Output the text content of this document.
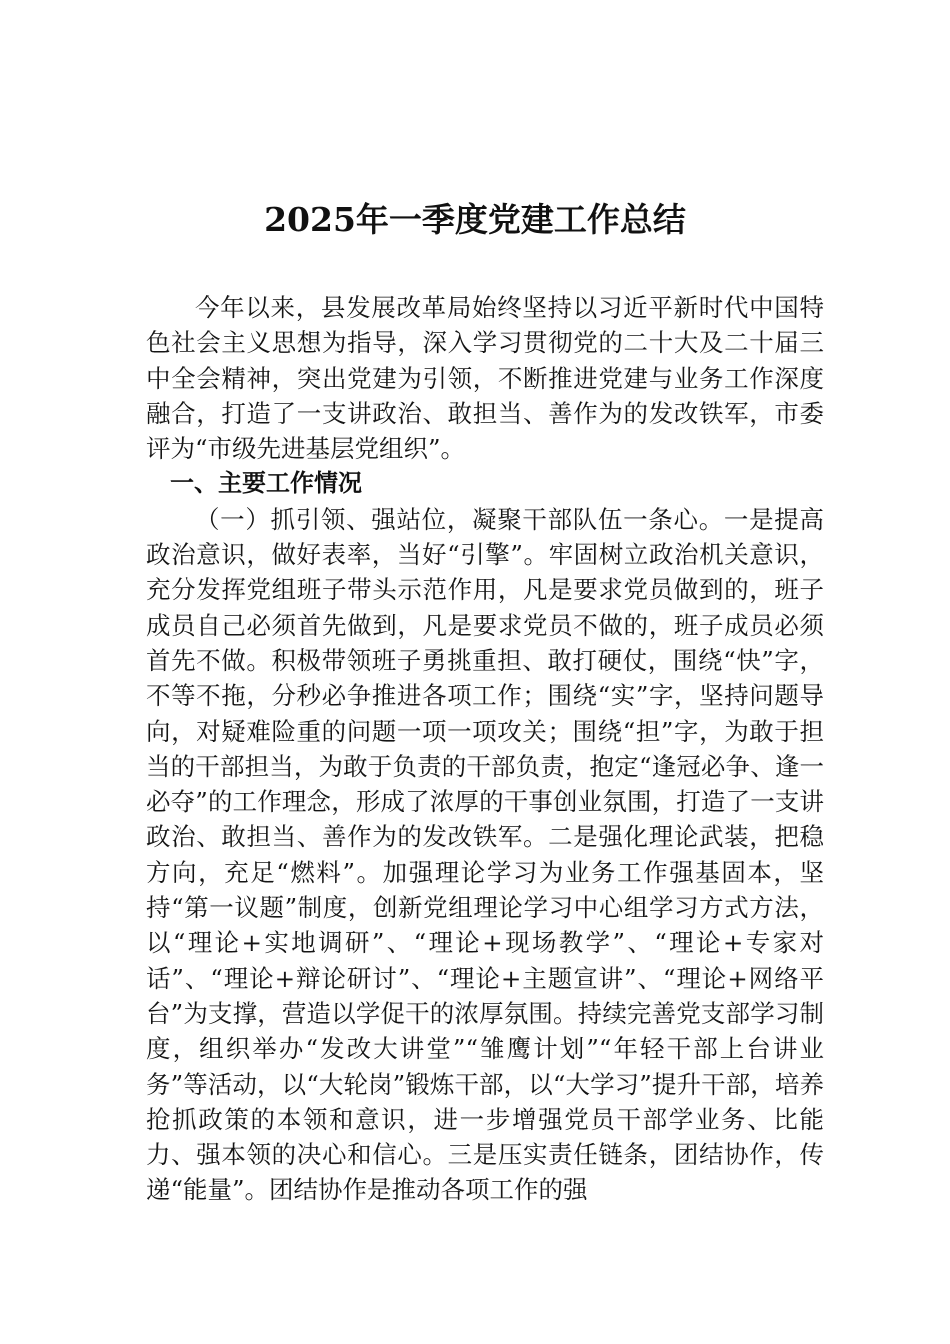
2025年一季度党建工作总结

今年以来，县发展改革局始终坚持以习近平新时代中国特色社会主义思想为指导，深入学习贯彻党的二十大及二十届三中全会精神，突出党建为引领，不断推进党建与业务工作深度融合，打造了一支讲政治、敢担当、善作为的发改铁军，市委评为“市级先进基层党组织”。

一、主要工作情况

（一）抓引领、强站位，凝聚干部队伍一条心。一是提高政治意识，做好表率，当好“引擎”。牢固树立政治机关意识，充分发挥党组班子带头示范作用，凡是要求党员做到的，班子成员自己必须首先做到，凡是要求党员不做的，班子成员必须首先不做。积极带领班子勇挑重担、敢打硬仗，围绕“快”字，不等不拖，分秒必争推进各项工作；围绕“实”字，坚持问题导向，对疑难险重的问题一项一项攻关；围绕“担”字，为敢于担当的干部担当，为敢于负责的干部负责，抱定“逢冠必争、逢一必夺”的工作理念，形成了浓厚的干事创业氛围，打造了一支讲政治、敢担当、善作为的发改铁军。二是强化理论武装，把稳方向，充足“燃料”。加强理论学习为业务工作强基固本，坚持“第一议题”制度，创新党组理论学习中心组学习方式方法，以“理论+实地调研”、“理论+现场教学”、“理论+专家对话”、“理论+辩论研讨”、“理论+主题宣讲”、“理论+网络平台”为支撑，营造以学促干的浓厚氛围。持续完善党支部学习制度，组织举办“发改大讲堂”“雏鹰计划”“年轻干部上台讲业务”等活动，以“大轮岗”锻炼干部，以“大学习”提升干部，培养抢抓政策的本领和意识，进一步增强党员干部学业务、比能力、强本领的决心和信心。三是压实责任链条，团结协作，传递“能量”。团结协作是推动各项工作的强
